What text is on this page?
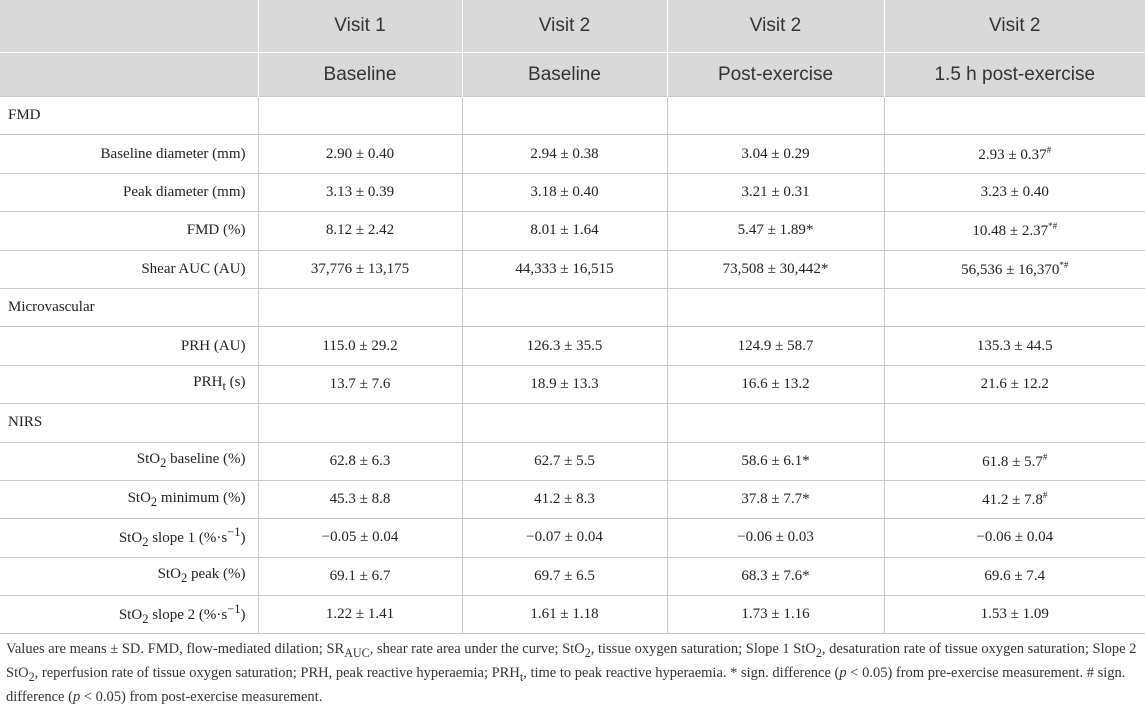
	Visit 1	Visit 2	Visit 2	Visit 2
	Baseline	Baseline	Post-exercise	1.5 h post-exercise
FMD				
Baseline diameter (mm)	2.90 ± 0.40	2.94 ± 0.38	3.04 ± 0.29	2.93 ± 0.37#
Peak diameter (mm)	3.13 ± 0.39	3.18 ± 0.40	3.21 ± 0.31	3.23 ± 0.40
FMD (%)	8.12 ± 2.42	8.01 ± 1.64	5.47 ± 1.89*	10.48 ± 2.37*#
Shear AUC (AU)	37,776 ± 13,175	44,333 ± 16,515	73,508 ± 30,442*	56,536 ± 16,370*#
Microvascular				
PRH (AU)	115.0 ± 29.2	126.3 ± 35.5	124.9 ± 58.7	135.3 ± 44.5
$PRH_t$ (s)	13.7 ± 7.6	18.9 ± 13.3	16.6 ± 13.2	21.6 ± 12.2
NIRS				
StO$_2$ baseline (%)	62.8 ± 6.3	62.7 ± 5.5	58.6 ± 6.1*	61.8 ± 5.7#
StO$_2$ minimum (%)	45.3 ± 8.8	41.2 ± 8.3	37.8 ± 7.7*	41.2 ± 7.8#
StO$_2$ slope 1 $(\%\cdot s^{-1})$	−0.05 ± 0.04	−0.07 ± 0.04	−0.06 ± 0.03	−0.06 ± 0.04
StO$_2$ peak (%)	69.1 ± 6.7	69.7 ± 6.5	68.3 ± 7.6*	69.6 ± 7.4
StO$_2$ slope 2 $(\%\cdot s^{-1})$	1.22 ± 1.41	1.61 ± 1.18	1.73 ± 1.16	1.53 ± 1.09
Values are means ± SD. FMD, flow-mediated dilation; $SR_{AUC}$, shear rate area under the curve; StO$_2$, tissue oxygen saturation; Slope 1 StO$_2$, desaturation rate of tissue oxygen saturation; Slope 2 StO$_2$, reperfusion rate of tissue oxygen saturation; PRH, peak reactive hyperaemia; $PRH_t$, time to peak reactive hyperaemia. * sign. difference (p < 0.05) from pre-exercise measurement. # sign. difference (p < 0.05) from post-exercise measurement.
